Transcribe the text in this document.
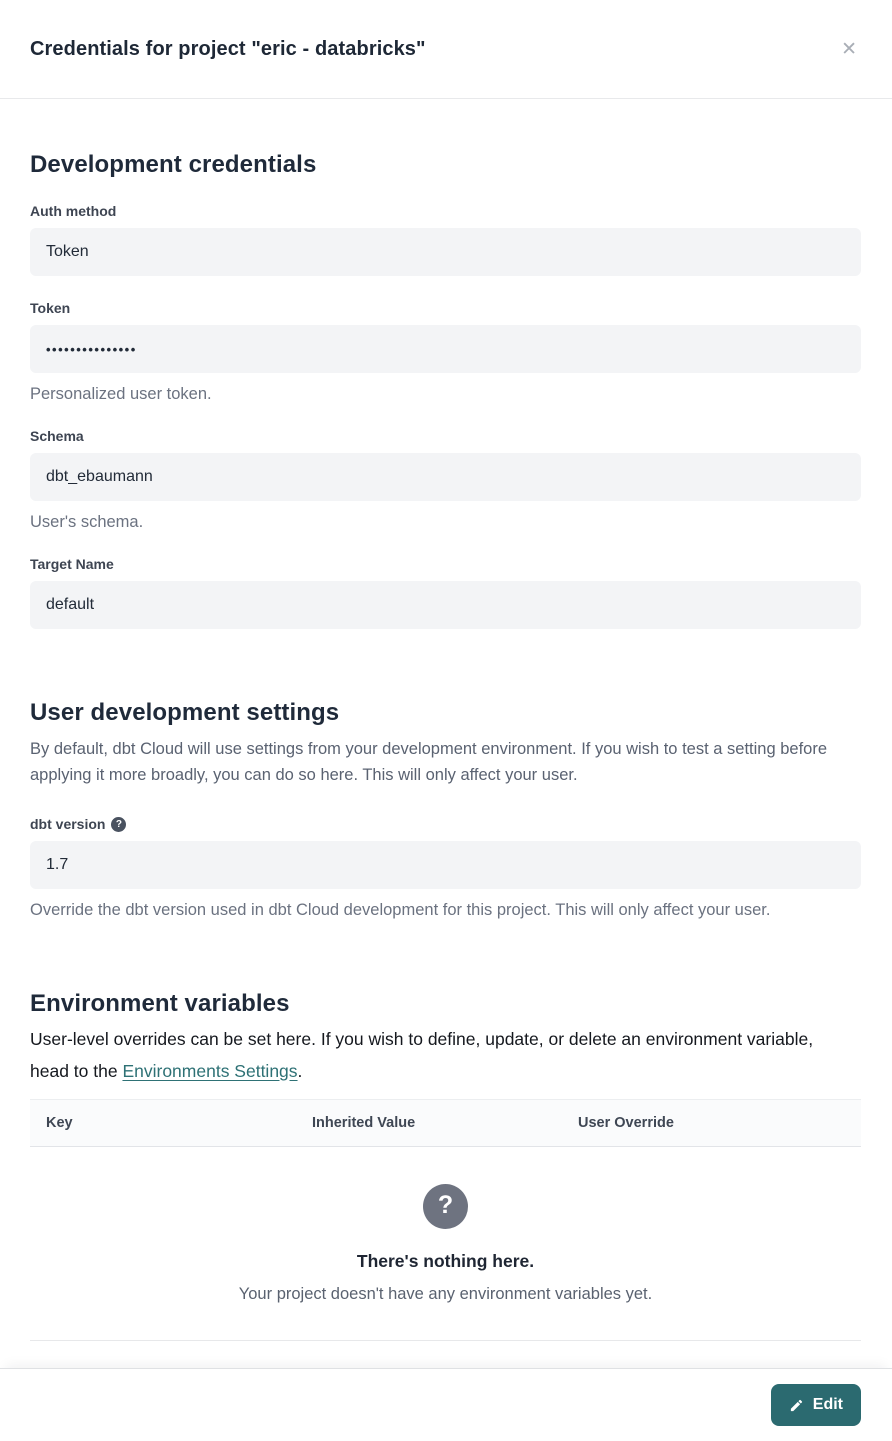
Credentials for project "eric - databricks"	✕
Development credentials
Auth method
Token
Token
•••••••••••••••
Personalized user token.
Schema
dbt_ebaumann
User's schema.
Target Name
default
User development settings
By default, dbt Cloud will use settings from your development environment. If you wish to test a setting before applying it more broadly, you can do so here. This will only affect your user.
dbt version	?
1.7
Override the dbt version used in dbt Cloud development for this project. This will only affect your user.
Environment variables
User-level overrides can be set here. If you wish to define, update, or delete an environment variable, head to the Environments Settings.
Key	Inherited Value	User Override
?
There's nothing here.
Your project doesn't have any environment variables yet.
Edit
